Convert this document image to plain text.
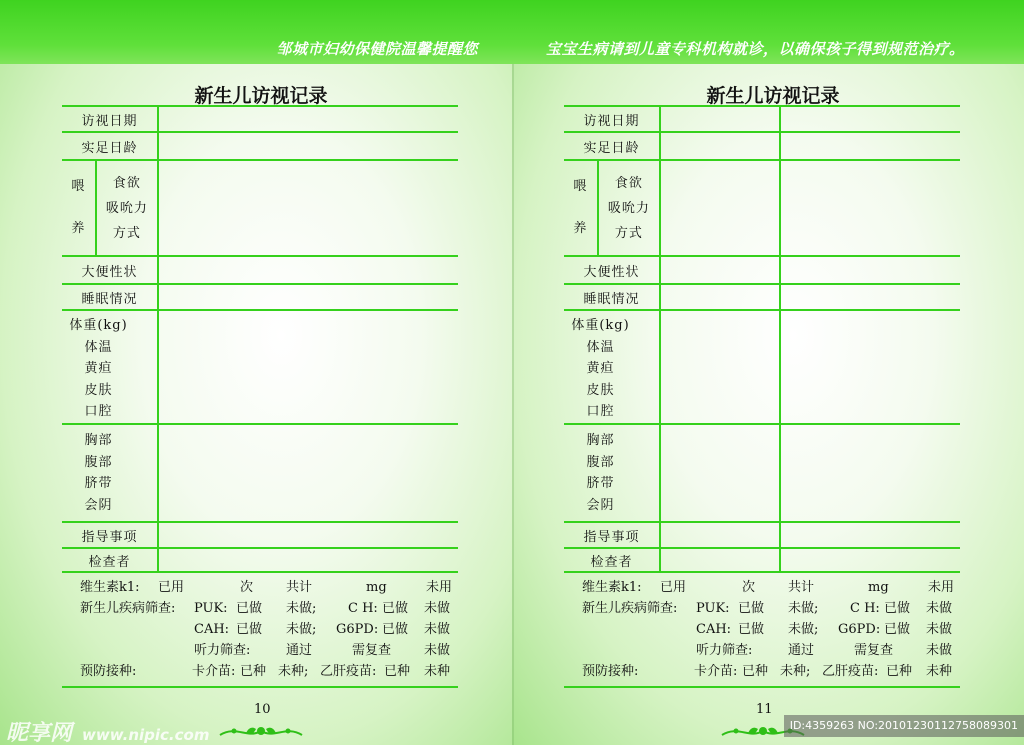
邹城市妇幼保健院温馨提醒您
新生儿访视记录
访视日期	
实足日龄	

喂
养

食欲
吸吮力
方式

大便性状	
睡眠情况	

体重(kg)
体温
黄疸
皮肤
口腔

胸部
腹部
脐带
会阴

指导事项	
检查者	
维生素k1: 已用	次	共计	mg	未用
新生儿疾病筛查: PUK: 已做 未做; C H: 已做 未做
CAH: 已做 未做; G6PD: 已做 未做
听力筛查:	通过	需复查	未做
预防接种:	卡介苗: 已种 未种; 乙肝疫苗: 已种 未种
10
昵享网 www.nipic.com
宝宝生病请到儿童专科机构就诊，以确保孩子得到规范治疗。
新生儿访视记录
访视日期		
实足日龄		

喂
养

食欲
吸吮力
方式

大便性状		
睡眠情况		

体重(kg)
体温
黄疸
皮肤
口腔

胸部
腹部
脐带
会阴

指导事项		
检查者		
维生素k1: 已用	次	共计	mg	未用
新生儿疾病筛查: PUK: 已做 未做; C H: 已做 未做
CAH: 已做 未做; G6PD: 已做 未做
听力筛查:	通过	需复查	未做
预防接种:	卡介苗: 已种 未种; 乙肝疫苗: 已种 未种
11
ID:4359263 NO:20101230112758089301
